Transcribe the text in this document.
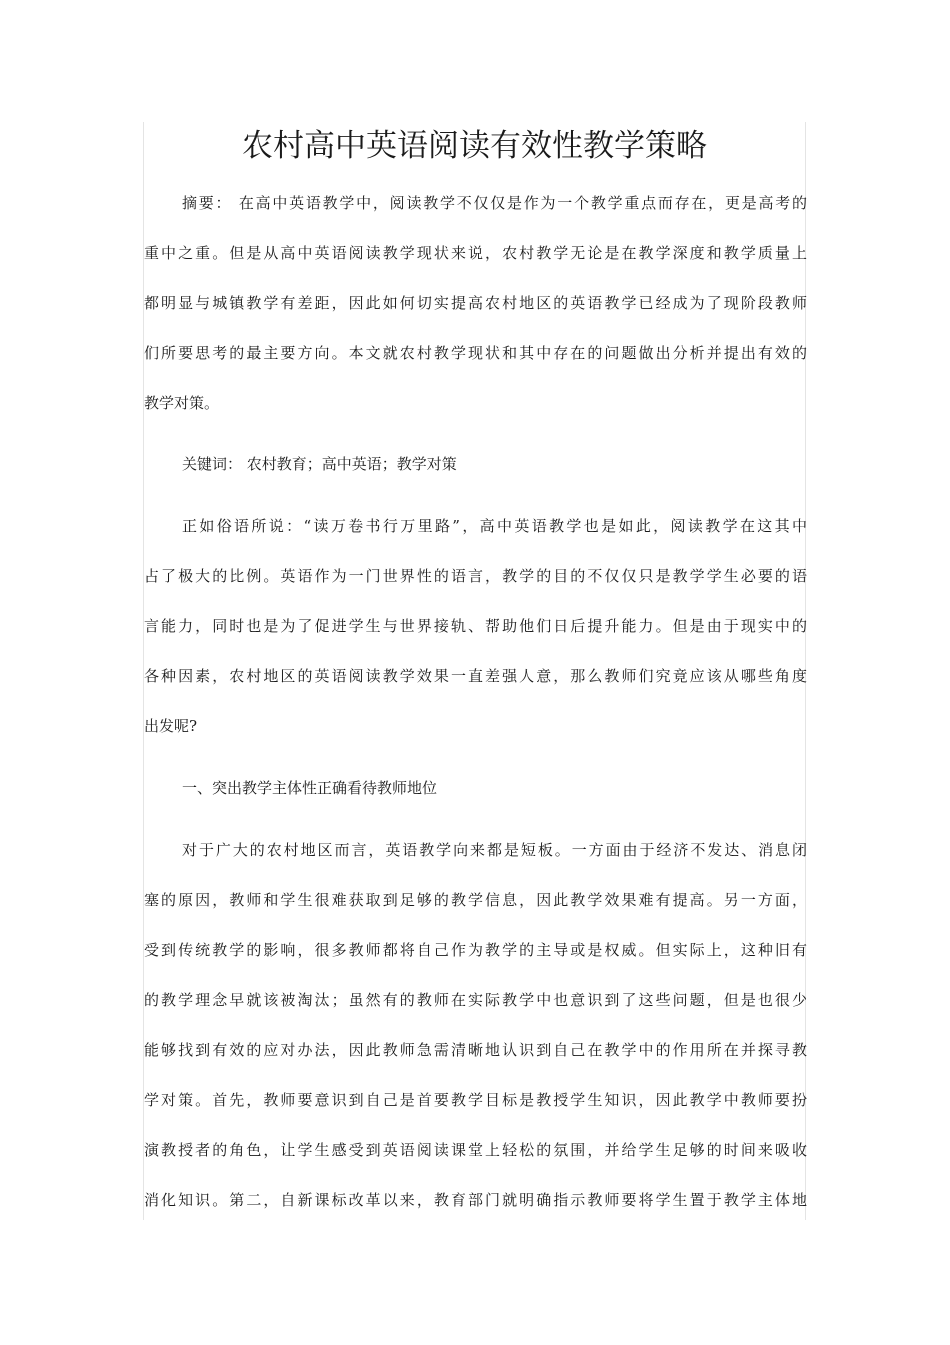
农村高中英语阅读有效性教学策略
摘要： 在高中英语教学中，阅读教学不仅仅是作为一个教学重点而存在，更是高考的
重中之重。但是从高中英语阅读教学现状来说，农村教学无论是在教学深度和教学质量上
都明显与城镇教学有差距，因此如何切实提高农村地区的英语教学已经成为了现阶段教师
们所要思考的最主要方向。本文就农村教学现状和其中存在的问题做出分析并提出有效的
教学对策。
关键词： 农村教育；高中英语；教学对策
正如俗语所说：“读万卷书行万里路”，高中英语教学也是如此，阅读教学在这其中
占了极大的比例。英语作为一门世界性的语言，教学的目的不仅仅只是教学学生必要的语
言能力，同时也是为了促进学生与世界接轨、帮助他们日后提升能力。但是由于现实中的
各种因素，农村地区的英语阅读教学效果一直差强人意，那么教师们究竟应该从哪些角度
出发呢?
一、突出教学主体性正确看待教师地位
对于广大的农村地区而言，英语教学向来都是短板。一方面由于经济不发达、消息闭
塞的原因，教师和学生很难获取到足够的教学信息，因此教学效果难有提高。另一方面，
受到传统教学的影响，很多教师都将自己作为教学的主导或是权威。但实际上，这种旧有
的教学理念早就该被淘汰；虽然有的教师在实际教学中也意识到了这些问题，但是也很少
能够找到有效的应对办法，因此教师急需清晰地认识到自己在教学中的作用所在并探寻教
学对策。首先，教师要意识到自己是首要教学目标是教授学生知识，因此教学中教师要扮
演教授者的角色，让学生感受到英语阅读课堂上轻松的氛围，并给学生足够的时间来吸收
消化知识。第二，自新课标改革以来，教育部门就明确指示教师要将学生置于教学主体地
